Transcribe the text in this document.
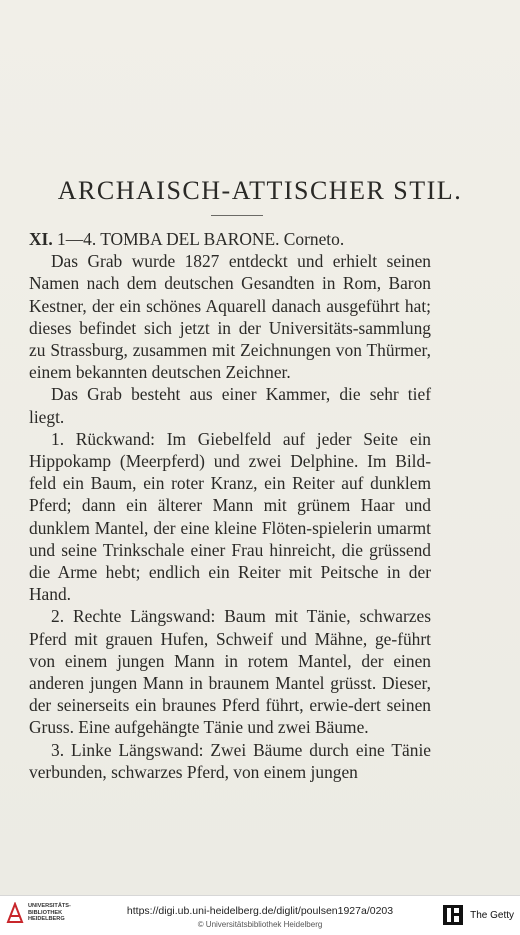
ARCHAISCH-ATTISCHER STIL.

XI. 1—4. TOMBA DEL BARONE. Corneto.

Das Grab wurde 1827 entdeckt und erhielt seinen Namen nach dem deutschen Gesandten in Rom, Baron Kestner, der ein schönes Aquarell danach ausgeführt hat; dieses befindet sich jetzt in der Universitäts-sammlung zu Strassburg, zusammen mit Zeichnungen von Thürmer, einem bekannten deutschen Zeichner.

Das Grab besteht aus einer Kammer, die sehr tief liegt.

1. Rückwand: Im Giebelfeld auf jeder Seite ein Hippokamp (Meerpferd) und zwei Delphine. Im Bild-feld ein Baum, ein roter Kranz, ein Reiter auf dunklem Pferd; dann ein älterer Mann mit grünem Haar und dunklem Mantel, der eine kleine Flöten-spielerin umarmt und seine Trinkschale einer Frau hinreicht, die grüssend die Arme hebt; endlich ein Reiter mit Peitsche in der Hand.

2. Rechte Längswand: Baum mit Tänie, schwarzes Pferd mit grauen Hufen, Schweif und Mähne, ge-führt von einem jungen Mann in rotem Mantel, der einen anderen jungen Mann in braunem Mantel grüsst. Dieser, der seinerseits ein braunes Pferd führt, erwie-dert seinen Gruss. Eine aufgehängte Tänie und zwei Bäume.

3. Linke Längswand: Zwei Bäume durch eine Tänie verbunden, schwarzes Pferd, von einem jungen

UNIVERSITÄTS-
BIBLIOTHEK
HEIDELBERG
https://digi.ub.uni-heidelberg.de/diglit/poulsen1927a/0203
© Universitätsbibliothek Heidelberg
The Getty
